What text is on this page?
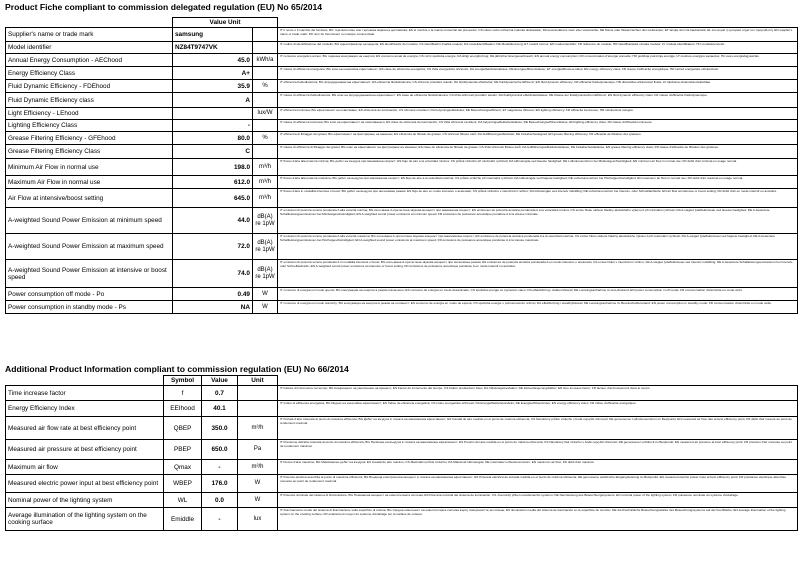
Product Fiche compliant to commission delegated regulation (EU) No 65/2014
	Value Unit		
Supplier's name or trade mark	samsung		IT il nome o il marchio del fornitore; BG търговско име или търговска марка на доставчика; ES el nombre o la marca comercial del proveedor; CS název nebo ochranná známka dodavatele; DA leverandørens navn eller varemærke; DE Name oder Warenzeichen des Lieferanten; ET tarnija nimi või kaubamärk; EL επωνυμία ή εμπορικό σήμα του προμηθευτή; EN supplier's name or trade mark; FR nom du fournisseur ou marque commerciale.
Model identifier	NZ84T9747VK		IT codice di identificazione del modello; BG идентификатор на модела; ES identificador del modelo; CS identifikační značka modelu; DA modelidentifikation; DE Modellkennung; ET mudeli tunnus; EN model identifier; FR référence du modèle; HR identifikacijska oznaka modela; LV modeļa identifikators; HU modellazonosító.
Annual Energy Consumption - AEChood	45.0	kWh/a	IT consumo energetico annuo; BG годишна консумация на енергия; ES consumo anual de energía; CS roční spotřeba energie; DA årligt energiforbrug; DE jährlicher Energieverbrauch; EN annual energy consumption; FR consommation d'énergie annuelle; HR godišnja potrošnja energije; LT metinės energijos sąnaudos; HU éves energiafogyasztás.
Energy Efficiency Class	A+		IT classe di efficienza energetica; BG клас на енергийна ефективност; ES clase de eficiencia energética; CS třída energetické účinnosti; DA energieffektivitetsklasse; DE Energieeffizienzklasse; ET energiatõhususe klass; EN energy efficiency class; FR classe d'efficacité énergétique; HR razred energetske učinkovitosti.
Fluid Dynamic Efficiency - FDEhood	35.9	%	IT efficienza fluidodinamica; BG флуидодинамична ефективност; ES eficiencia fluidodinámica; CS účinnost proudění tekutin; DA fluiddynamisk effektivitet; DE fluiddynamische Effizienz; EN fluid dynamic efficiency; FR efficacité fluidodynamique; HR dinamička učinkovitost fluida; LV šķidruma dinamiskā efektivitāte.
Fluid Dynamic Efficiency class	A		IT classe di efficienza fluidodinamica; BG клас на флуидодинамична ефективност; ES clase de eficiencia fluidodinámica; CS třída účinnosti proudění tekutin; DA fluiddynamisk effektivitetsklasse; DE Klasse der fluiddynamischen Effizienz; EN fluid dynamic efficiency class; FR classe d'efficacité fluidodynamique.
Light Efficiency - LEhood		lux/W	IT efficienza luminosa; BG ефективност на осветяване; ES eficiencia de iluminación; CS účinnost osvětlení; DA belysningseffektivitet; DE Beleuchtungseffizienz; ET valgustuse tõhusus; EN lighting efficiency; FR efficacité lumineuse; HR učinkovitost rasvjete.
Lighting Efficiency Class	-		IT classe di efficienza luminosa; BG клас на ефективност на осветяването; ES clase de eficiencia de iluminación; CS třída účinnosti osvětlení; DA belysningseffektivitetsklasse; DE Beleuchtungseffizienzklasse; EN lighting efficiency class; FR classe d'efficacité lumineuse.
Grease Filtering Efficiency - GFEhood	80.0	%	IT efficienza di filtraggio dei grassi; BG ефективност на филтриране на мазнини; ES eficiencia de filtrado de grasas; CS účinnost filtrace tuků; DA fedtfiltreringseffektivitet; DE Fettabscheidegrad; EN grease filtering efficiency; FR efficacité de filtration des graisses.
Grease Filtering Efficiency Class	C		IT classe di efficienza di filtraggio dei grassi; BG клас на ефективност на филтриране на мазнини; ES clase de eficiencia de filtrado de grasas; CS třída účinnosti filtrace tuků; DA fedtfiltreringseffektivitetsklasse; DE Fettabscheideklasse; EN grease filtering efficiency class; FR classe d'efficacité de filtration des graisses.
Minimum Air Flow in normal use	198.0	m³/h	IT flusso d'aria alla potenza minima; BG дебит на въздуха при минимална скорост; ES flujo de aire a la velocidad mínima; CS průtok vzduchu při minimální rychlosti; DA luftmængde ved laveste hastighed; DE Luftvolumenstrom bei Mindestgeschwindigkeit; EN minimum air flow in normal use; FR débit d'air minimal en usage normal.
Maximum Air Flow in normal use	612.0	m³/h	IT flusso d'aria alla potenza massima; BG дебит на въздуха при максимална скорост; ES flujo de aire a la velocidad máxima; CS průtok vzduchu při maximální rychlosti; DA luftmængde ved højeste hastighed; DE Luftvolumenstrom bei Höchstgeschwindigkeit; EN maximum air flow in normal use; FR débit d'air maximal en usage normal.
Air Flow at intensive/boost setting	645.0	m³/h	IT flusso d'aria in modalità intensiva o boost; BG дебит на въздуха при интензивен режим; ES flujo de aire en modo intensivo o acelerado; CS průtok vzduchu v intenzivním režimu; DA luftmængde ved intensiv indstilling; DE Luftvolumenstrom bei Intensiv- oder Schnelllaufstufe; EN air flow at intensive or boost setting; FR débit d'air en mode intensif ou accéléré.
A-weighted Sound Power Emission at minimum speed	44.0	dB(A) re 1pW	IT emissioni di potenza sonora ponderata A alla velocità minima; BG излъчвана A-претеглена звукова мощност при минимална скорост; ES emisiones de potencia acústica ponderada A a la velocidad mínima; CS emise hluku vážené hladiny akustického výkonu A při minimální rychlosti; DA A-vægtet lydeffektniveau ved laveste hastighed; DE A-bewertete Schallleistungsemissionen bei Mindestgeschwindigkeit; EN A-weighted sound power emissions at minimum speed; FR émissions de puissance acoustique pondérée A à la vitesse minimale.
A-weighted Sound Power Emission at maximum speed	72.0	dB(A) re 1pW	IT emissioni di potenza sonora ponderata A alla velocità massima; BG излъчвана A-претеглена звукова мощност при максимална скорост; ES emisiones de potencia acústica ponderada A a la velocidad máxima; CS emise hluku vážené hladiny akustického výkonu A při maximální rychlosti; DA A-vægtet lydeffektniveau ved højeste hastighed; DE A-bewertete Schallleistungsemissionen bei Höchstgeschwindigkeit; EN A-weighted sound power emissions at maximum speed; FR émissions de puissance acoustique pondérée A à la vitesse maximale.
A-weighted Sound Power Emission at intensive or boost speed	74.0	dB(A) re 1pW	IT emissioni di potenza sonora ponderata A in modalità intensiva o boost; BG излъчвана A-претеглена звукова мощност при интензивен режим; ES emisiones de potencia acústica ponderada A en modo intensivo o acelerado; CS emise hluku v intenzivním režimu; DA A-vægtet lydeffektniveau ved intensiv indstilling; DE A-bewertete Schallleistungsemissionen bei Intensiv- oder Schnelllaufstufe; EN A-weighted sound power emissions at intensive or boost setting; FR émissions de puissance acoustique pondérée A en mode intensif ou accéléré.
Power consumption off mode - Po	0.49	W	IT consumo di energia nel modo spento; BG консумация на енергия в режим изключено; ES consumo de energía en modo desactivado; CS spotřeba energie ve vypnutém stavu; DA effektforbrug i slukket tilstand; DE Leistungsaufnahme im Aus-Zustand; EN power consumption in off mode; FR consommation d'électricité en mode arrêt.
Power consumption in standby mode - Ps	NA	W	IT consumo di energia nel modo stand-by; BG консумация на енергия в режим на готовност; ES consumo de energía en modo de espera; CS spotřeba energie v pohotovostním režimu; DA effektforbrug i standbytilstand; DE Leistungsaufnahme im Bereitschaftszustand; EN power consumption in standby mode; FR consommation d'électricité en mode veille.
Additional Product Information compliant to commission regulation (EU) No 66/2014
	Symbol	Value	Unit	
Time increase factor	f	0.7		IT Fattore di incremento nel tempo; BG Коефициент на увеличение на времето; ES Factor de incremento del tiempo; CS Faktor prodloužení času; DA Tidsforøgelsesfaktor; DE Zeitverlängerungsfaktor; EN time increase factor; FR facteur d'accroissement dans le temps.
Energy Efficiency Index	EEIhood	40.1		IT Indice di efficienza energetica; BG Индекс на енергийна ефективност; ES Índice de eficiencia energética; CS Index energetické účinnosti; DA Energieffektivitetsindeks; DE Energieeffizienzindex; EN energy efficiency index; FR indice d'efficacité énergétique.
Measured air flow rate at best efficiency point	QBEP	350.0	m³/h	IT Portata d'aria misurata al punto di massima efficienza; BG Дебит на въздуха в точката на максимална ефективност; ES Caudal de aire medido en el punto de máxima eficiencia; CS Naměřený průtok vzduchu v bodě nejvyšší účinnosti; DE gemessener Luftvolumenstrom im Bestpunkt; EN measured air flow rate at best efficiency point; FR débit d'air mesuré au point de rendement maximal.
Measured air pressure at best efficiency point	PBEP	650.0	Pa	IT Pressione dell'aria misurata al punto di massima efficienza; BG Налягане на въздуха в точката на максимална ефективност; ES Presión del aire medida en el punto de máxima eficiencia; CS Naměřený tlak vzduchu v bodě nejvyšší účinnosti; DE gemessener Luftdruck im Bestpunkt; EN measured air pressure at best efficiency point; FR pression d'air mesurée au point de rendement maximal.
Maximum air flow	Qmax	-	m³/h	IT Flusso d'aria massimo; BG Максимален дебит на въздуха; ES Caudal de aire máximo; CS Maximální průtok vzduchu; DA Maksimal luftmængde; DE maximaler Luftvolumenstrom; EN maximum air flow; FR débit d'air maximal.
Measured electric power input at best efficiency point	WBEP	176.0	W	IT Potenza elettrica assorbita al punto di massima efficienza; BG Входяща електрическа мощност в точката на максимална ефективност; ES Potencia eléctrica de entrada medida en el punto de máxima eficiencia; DE gemessene elektrische Eingangsleistung im Bestpunkt; EN measured electric power input at best efficiency point; FR puissance électrique absorbée mesurée au point de rendement maximal.
Nominal power of the lighting system	WL	0.0	W	IT Potenza nominale del sistema di illuminazione; BG Номинална мощност на осветителната система; ES Potencia nominal del sistema de iluminación; CS Jmenovitý příkon osvětlovacího systému; DE Nennleistung des Beleuchtungssystems; EN nominal power of the lighting system; FR puissance nominale du système d'éclairage.
Average illumination of the lighting system on the cooking surface	Emiddle	-	lux	IT Illuminamento medio del sistema di illuminazione sulla superficie di cottura; BG Средна осветеност на осветителната система върху повърхността за готвене; ES Iluminación media del sistema de iluminación en la superficie de cocción; DE durchschnittliche Beleuchtungsstärke des Beleuchtungssystems auf der Kochfläche; EN average illumination of the lighting system on the cooking surface; FR éclairement moyen du système d'éclairage sur la surface de cuisson.
